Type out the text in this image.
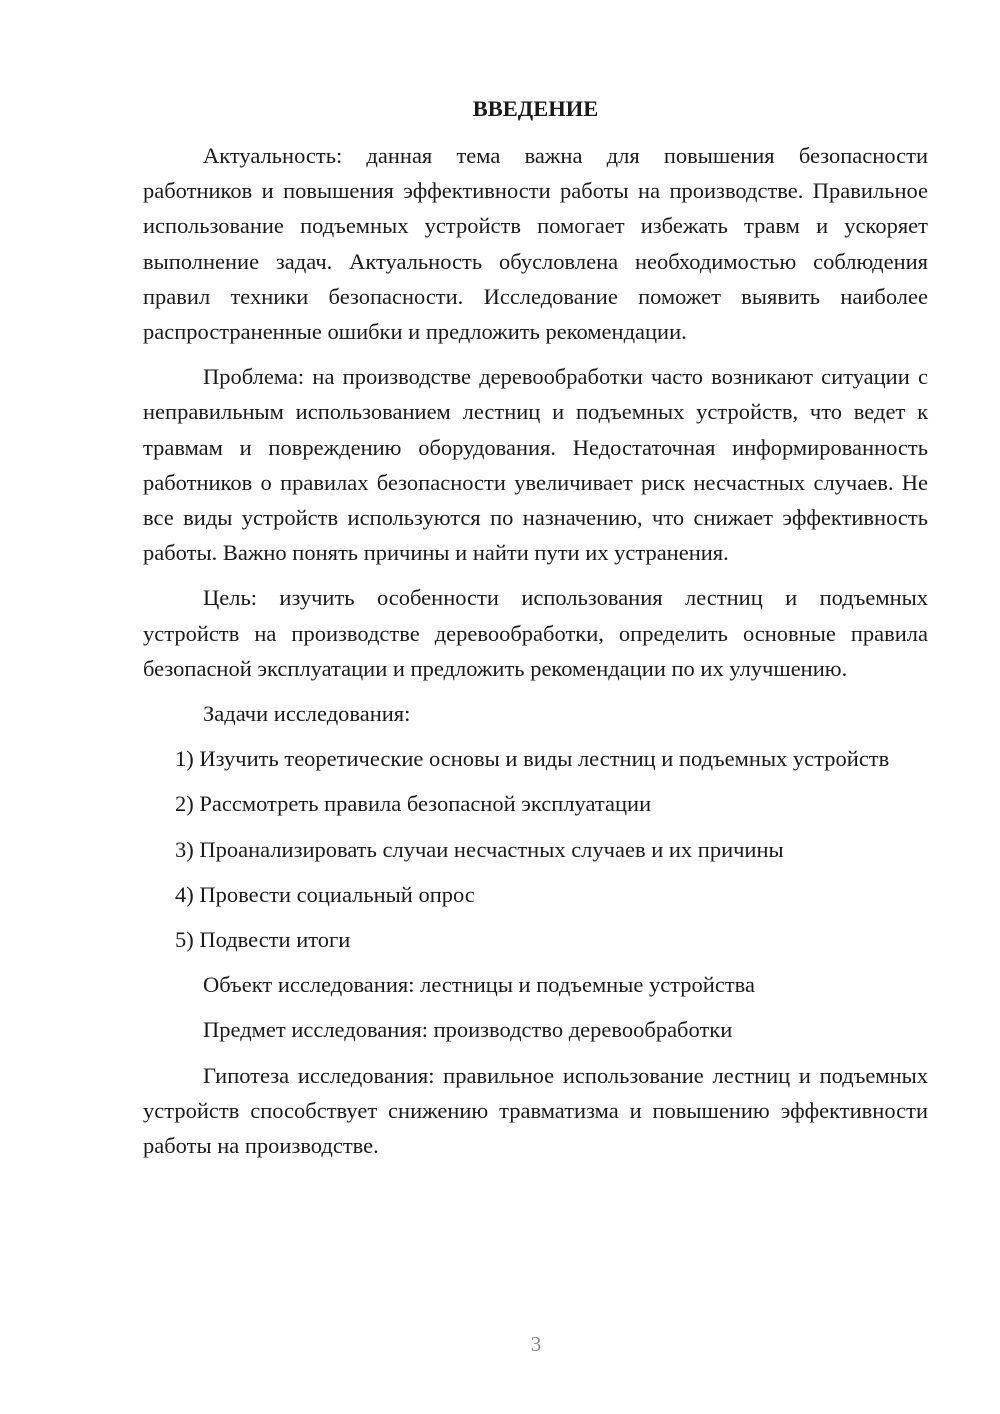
ВВЕДЕНИЕ

Актуальность: данная тема важна для повышения безопасности работников и повышения эффективности работы на производстве. Правильное использование подъемных устройств помогает избежать травм и ускоряет выполнение задач. Актуальность обусловлена необходимостью соблюдения правил техники безопасности. Исследование поможет выявить наиболее распространенные ошибки и предложить рекомендации.

Проблема: на производстве деревообработки часто возникают ситуации с неправильным использованием лестниц и подъемных устройств, что ведет к травмам и повреждению оборудования. Недостаточная информированность работников о правилах безопасности увеличивает риск несчастных случаев. Не все виды устройств используются по назначению, что снижает эффективность работы. Важно понять причины и найти пути их устранения.

Цель: изучить особенности использования лестниц и подъемных устройств на производстве деревообработки, определить основные правила безопасной эксплуатации и предложить рекомендации по их улучшению.

Задачи исследования:

1) Изучить теоретические основы и виды лестниц и подъемных устройств

2) Рассмотреть правила безопасной эксплуатации

3) Проанализировать случаи несчастных случаев и их причины

4) Провести социальный опрос

5) Подвести итоги

Объект исследования: лестницы и подъемные устройства

Предмет исследования: производство деревообработки

Гипотеза исследования: правильное использование лестниц и подъемных устройств способствует снижению травматизма и повышению эффективности работы на производстве.

3
